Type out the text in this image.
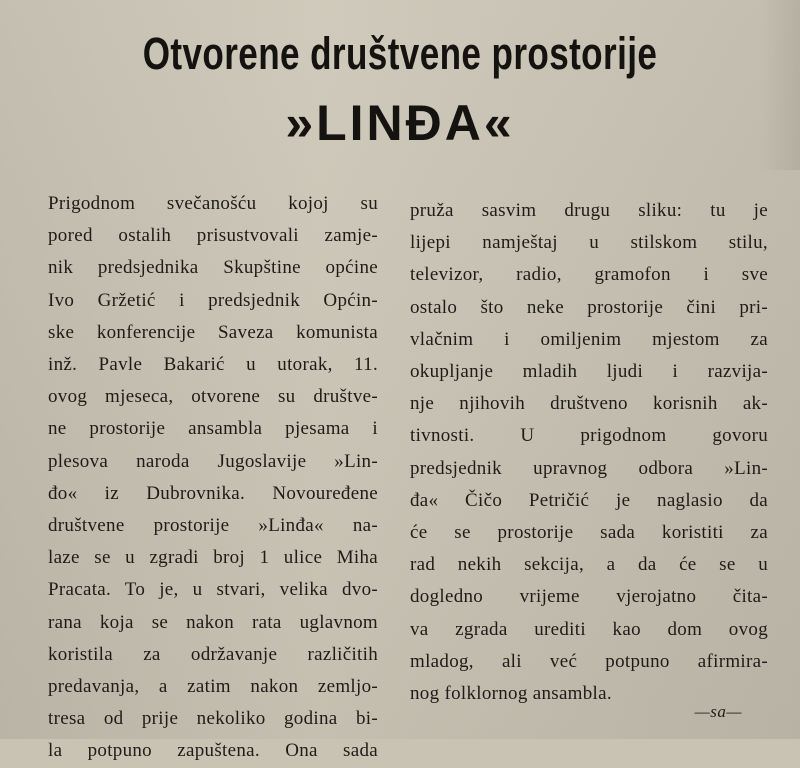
Otvorene društvene prostorije
»LINĐA«
Prigodnom svečanošću kojoj su
pored ostalih prisustvovali zamje-
nik predsjednika Skupštine općine
Ivo Gržetić i predsjednik Općin-
ske konferencije Saveza komunista
inž. Pavle Bakarić u utorak, 11.
ovog mjeseca, otvorene su društve-
ne prostorije ansambla pjesama i
plesova naroda Jugoslavije »Lin-
đo« iz Dubrovnika. Novouređene
društvene prostorije »Linđa« na-
laze se u zgradi broj 1 ulice Miha
Pracata. To je, u stvari, velika dvo-
rana koja se nakon rata uglavnom
koristila za održavanje različitih
predavanja, a zatim nakon zemljo-
tresa od prije nekoliko godina bi-
la potpuno zapuštena. Ona sada
pruža sasvim drugu sliku: tu je
lijepi namještaj u stilskom stilu,
televizor, radio, gramofon i sve
ostalo što neke prostorije čini pri-
vlačnim i omiljenim mjestom za
okupljanje mladih ljudi i razvija-
nje njihovih društveno korisnih ak-
tivnosti. U prigodnom govoru
predsjednik upravnog odbora »Lin-
đa« Čičo Petričić je naglasio da
će se prostorije sada koristiti za
rad nekih sekcija, a da će se u
dogledno vrijeme vjerojatno čita-
va zgrada urediti kao dom ovog
mladog, ali već potpuno afirmira-
nog folklornog ansambla.
—sa—
